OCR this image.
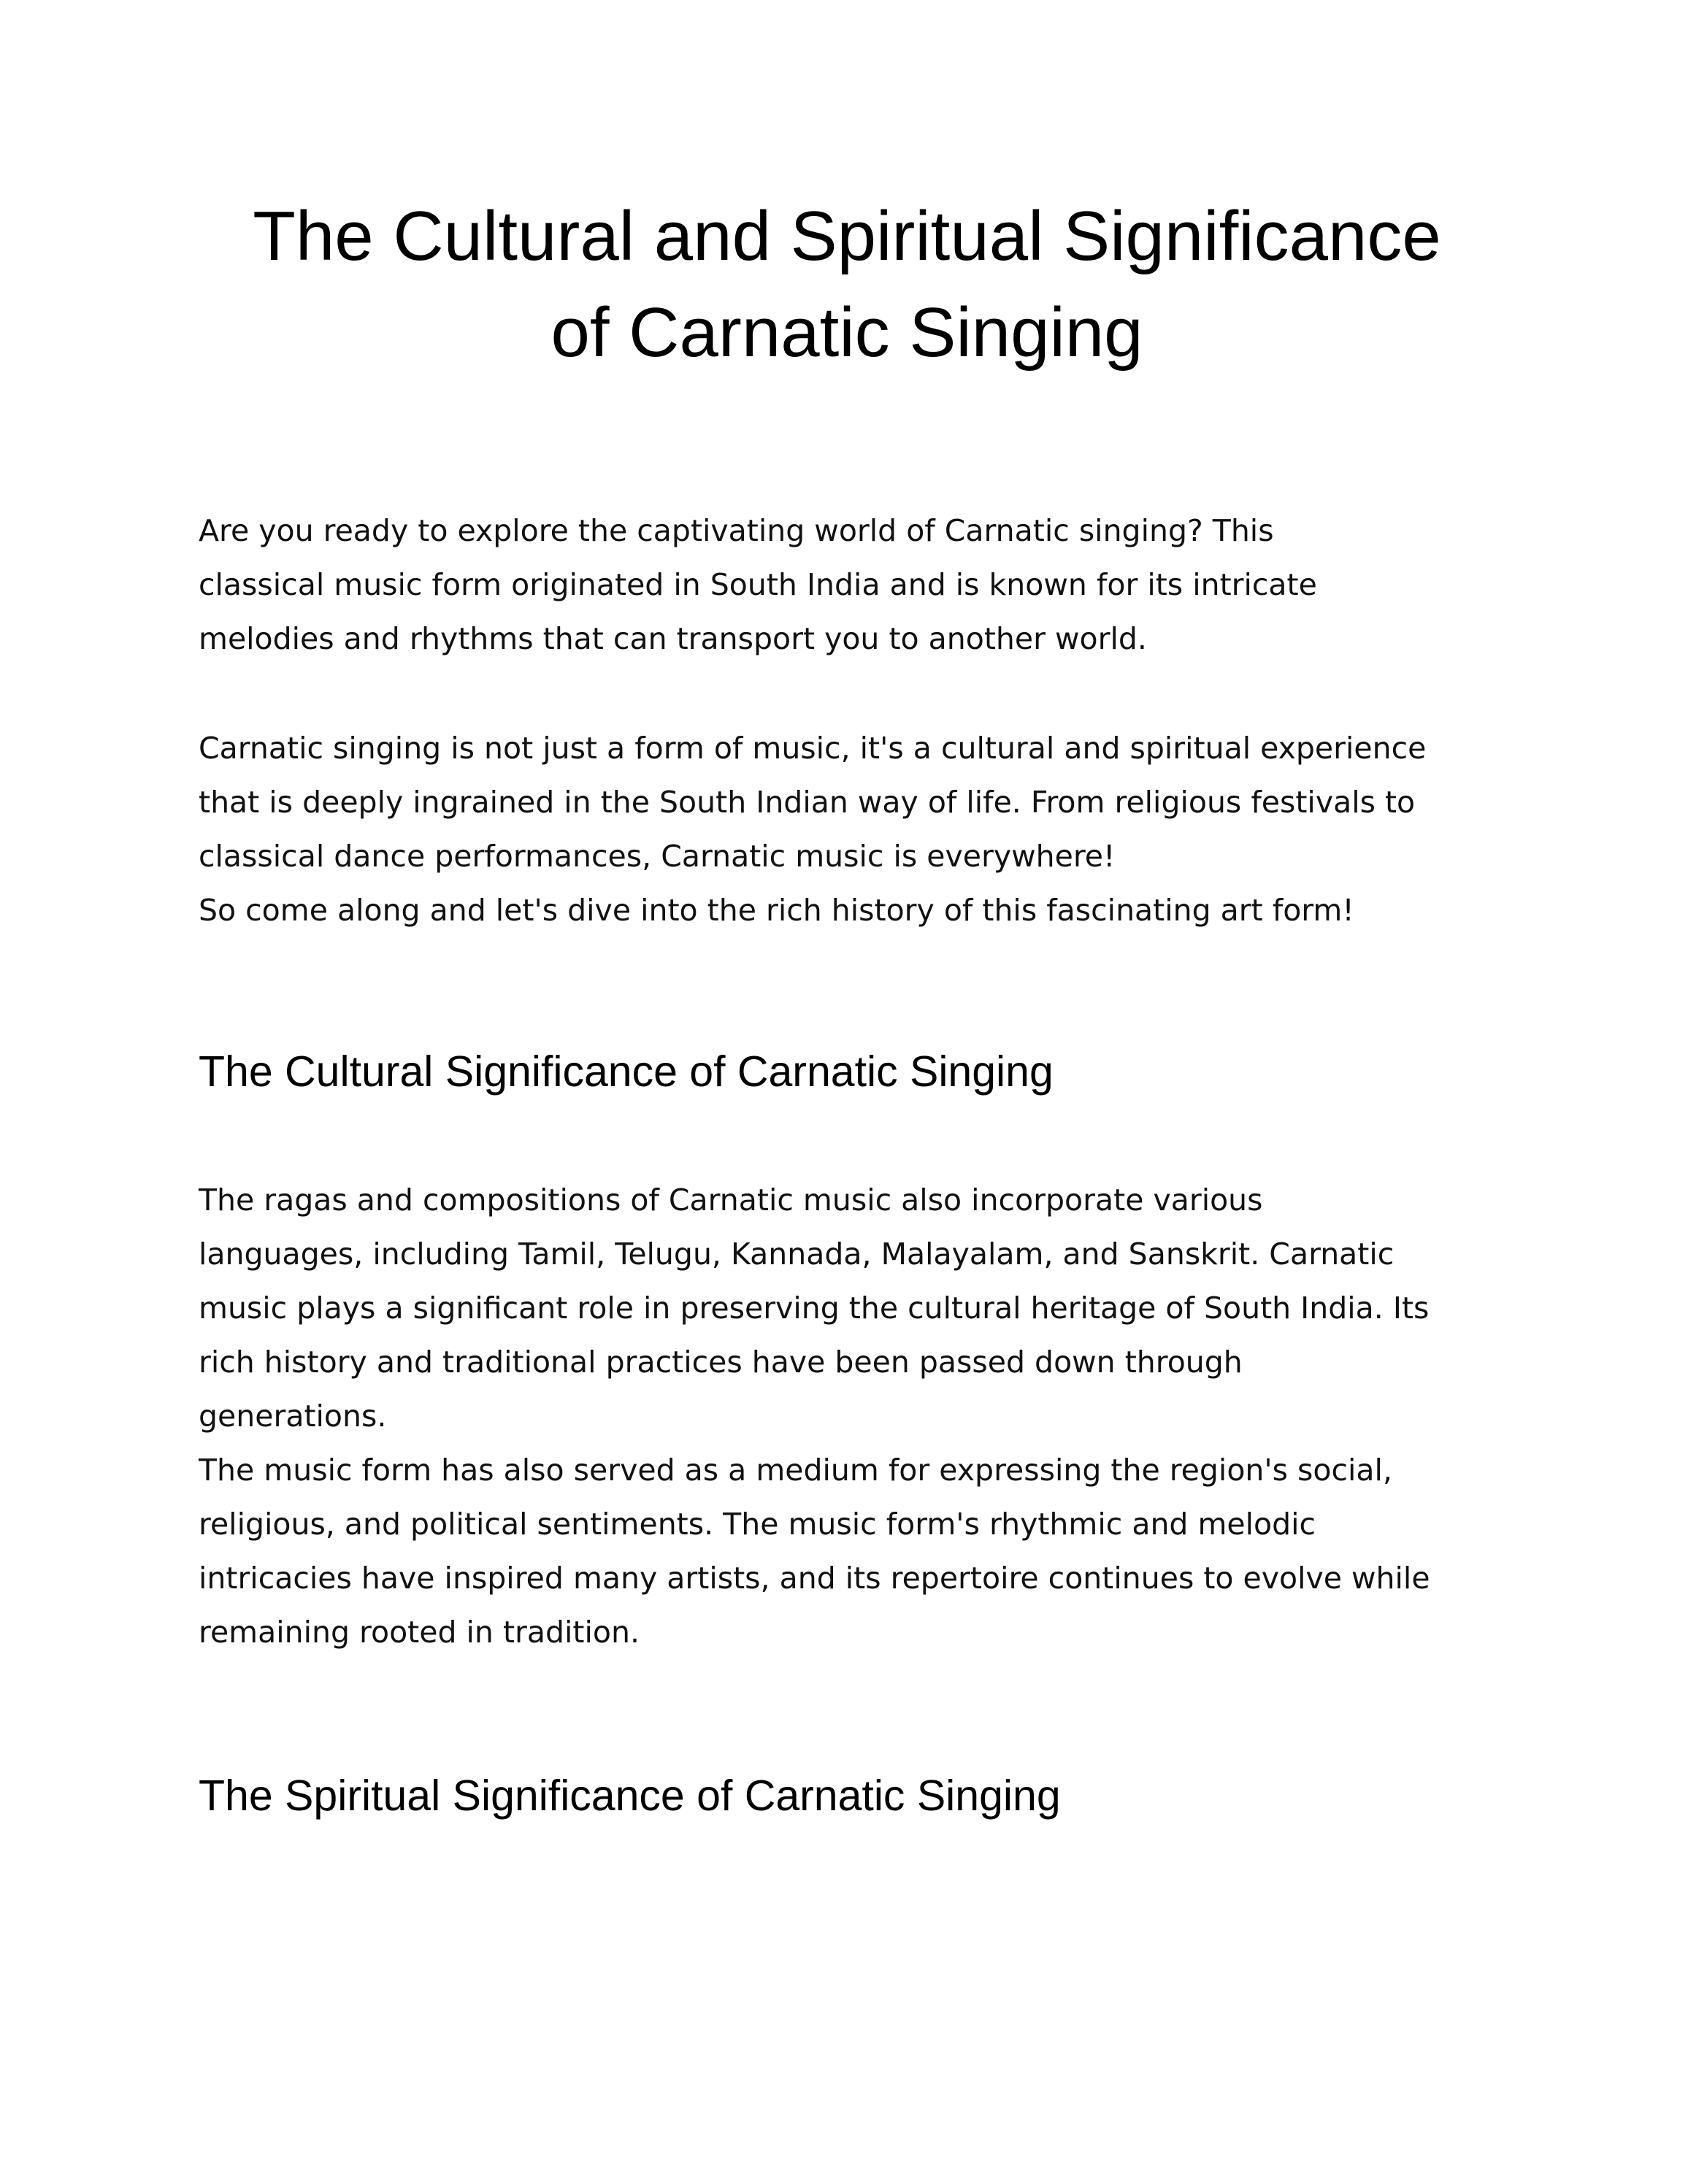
The Cultural and Spiritual Significance
of Carnatic Singing

Are you ready to explore the captivating world of Carnatic singing? This
classical music form originated in South India and is known for its intricate
melodies and rhythms that can transport you to another world.

Carnatic singing is not just a form of music, it's a cultural and spiritual experience
that is deeply ingrained in the South Indian way of life. From religious festivals to
classical dance performances, Carnatic music is everywhere!
So come along and let's dive into the rich history of this fascinating art form!

The Cultural Significance of Carnatic Singing

The ragas and compositions of Carnatic music also incorporate various
languages, including Tamil, Telugu, Kannada, Malayalam, and Sanskrit. Carnatic
music plays a significant role in preserving the cultural heritage of South India. Its
rich history and traditional practices have been passed down through
generations.
The music form has also served as a medium for expressing the region's social,
religious, and political sentiments. The music form's rhythmic and melodic
intricacies have inspired many artists, and its repertoire continues to evolve while
remaining rooted in tradition.

The Spiritual Significance of Carnatic Singing
